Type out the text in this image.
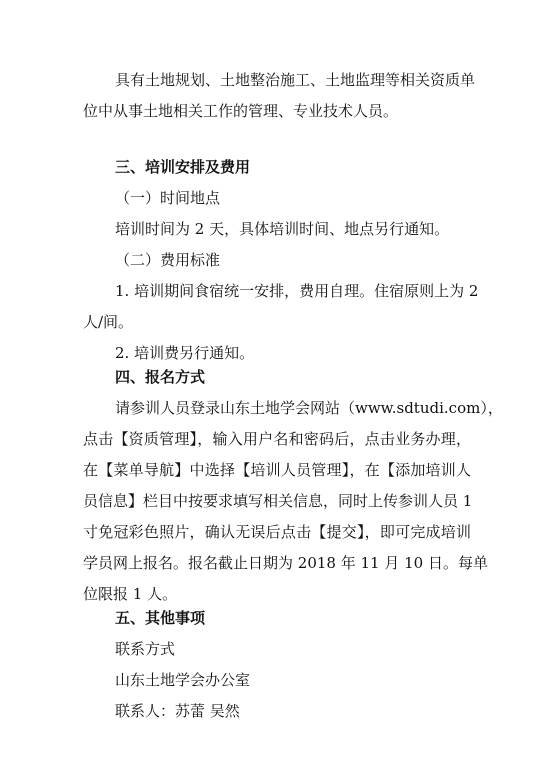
具有土地规划、土地整治施工、土地监理等相关资质单
位中从事土地相关工作的管理、专业技术人员。
三、培训安排及费用
（一）时间地点
培训时间为 2 天，具体培训时间、地点另行通知。
（二）费用标准
1. 培训期间食宿统一安排，费用自理。住宿原则上为 2
人/间。
2. 培训费另行通知。
四、报名方式
请参训人员登录山东土地学会网站（www.sdtudi.com），
点击【资质管理】，输入用户名和密码后，点击业务办理，
在【菜单导航】中选择【培训人员管理】，在【添加培训人
员信息】栏目中按要求填写相关信息，同时上传参训人员 1
寸免冠彩色照片，确认无误后点击【提交】，即可完成培训
学员网上报名。报名截止日期为 2018 年 11 月 10 日。每单
位限报 1 人。
五、其他事项
联系方式
山东土地学会办公室
联系人：苏蕾 吴然
